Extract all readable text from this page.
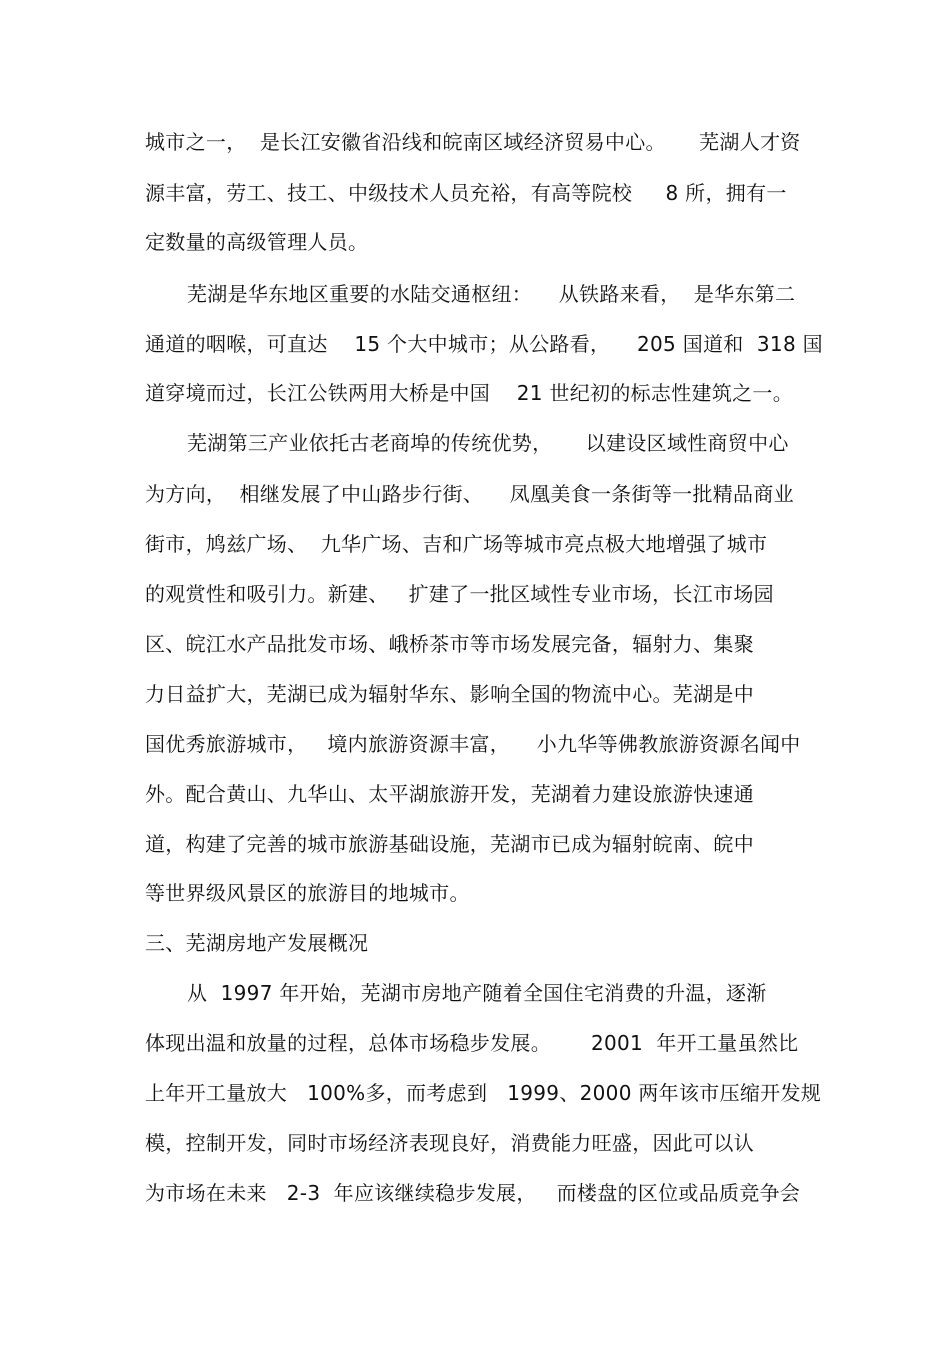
城市之一，  是长江安徽省沿线和皖南区域经济贸易中心。     芜湖人才资

源丰富，劳工、技工、中级技术人员充裕，有高等院校     8 所，拥有一

定数量的高级管理人员。

芜湖是华东地区重要的水陆交通枢纽：    从铁路来看，  是华东第二

通道的咽喉，可直达    15 个大中城市；从公路看，    205 国道和  318 国

道穿境而过，长江公铁两用大桥是中国    21 世纪初的标志性建筑之一。

芜湖第三产业依托古老商埠的传统优势，     以建设区域性商贸中心

为方向，  相继发展了中山路步行街、    凤凰美食一条街等一批精品商业

街市，鸠兹广场、  九华广场、吉和广场等城市亮点极大地增强了城市

的观赏性和吸引力。新建、   扩建了一批区域性专业市场，长江市场园

区、皖江水产品批发市场、峨桥茶市等市场发展完备，辐射力、集聚

力日益扩大，芜湖已成为辐射华东、影响全国的物流中心。芜湖是中

国优秀旅游城市，   境内旅游资源丰富，    小九华等佛教旅游资源名闻中

外。配合黄山、九华山、太平湖旅游开发，芜湖着力建设旅游快速通

道，构建了完善的城市旅游基础设施，芜湖市已成为辐射皖南、皖中

等世界级风景区的旅游目的地城市。

三、芜湖房地产发展概况

从  1997 年开始，芜湖市房地产随着全国住宅消费的升温，逐渐

体现出温和放量的过程，总体市场稳步发展。      2001  年开工量虽然比

上年开工量放大   100%多，而考虑到   1999、2000 两年该市压缩开发规

模，控制开发，同时市场经济表现良好，消费能力旺盛，因此可以认

为市场在未来   2-3  年应该继续稳步发展，   而楼盘的区位或品质竞争会
